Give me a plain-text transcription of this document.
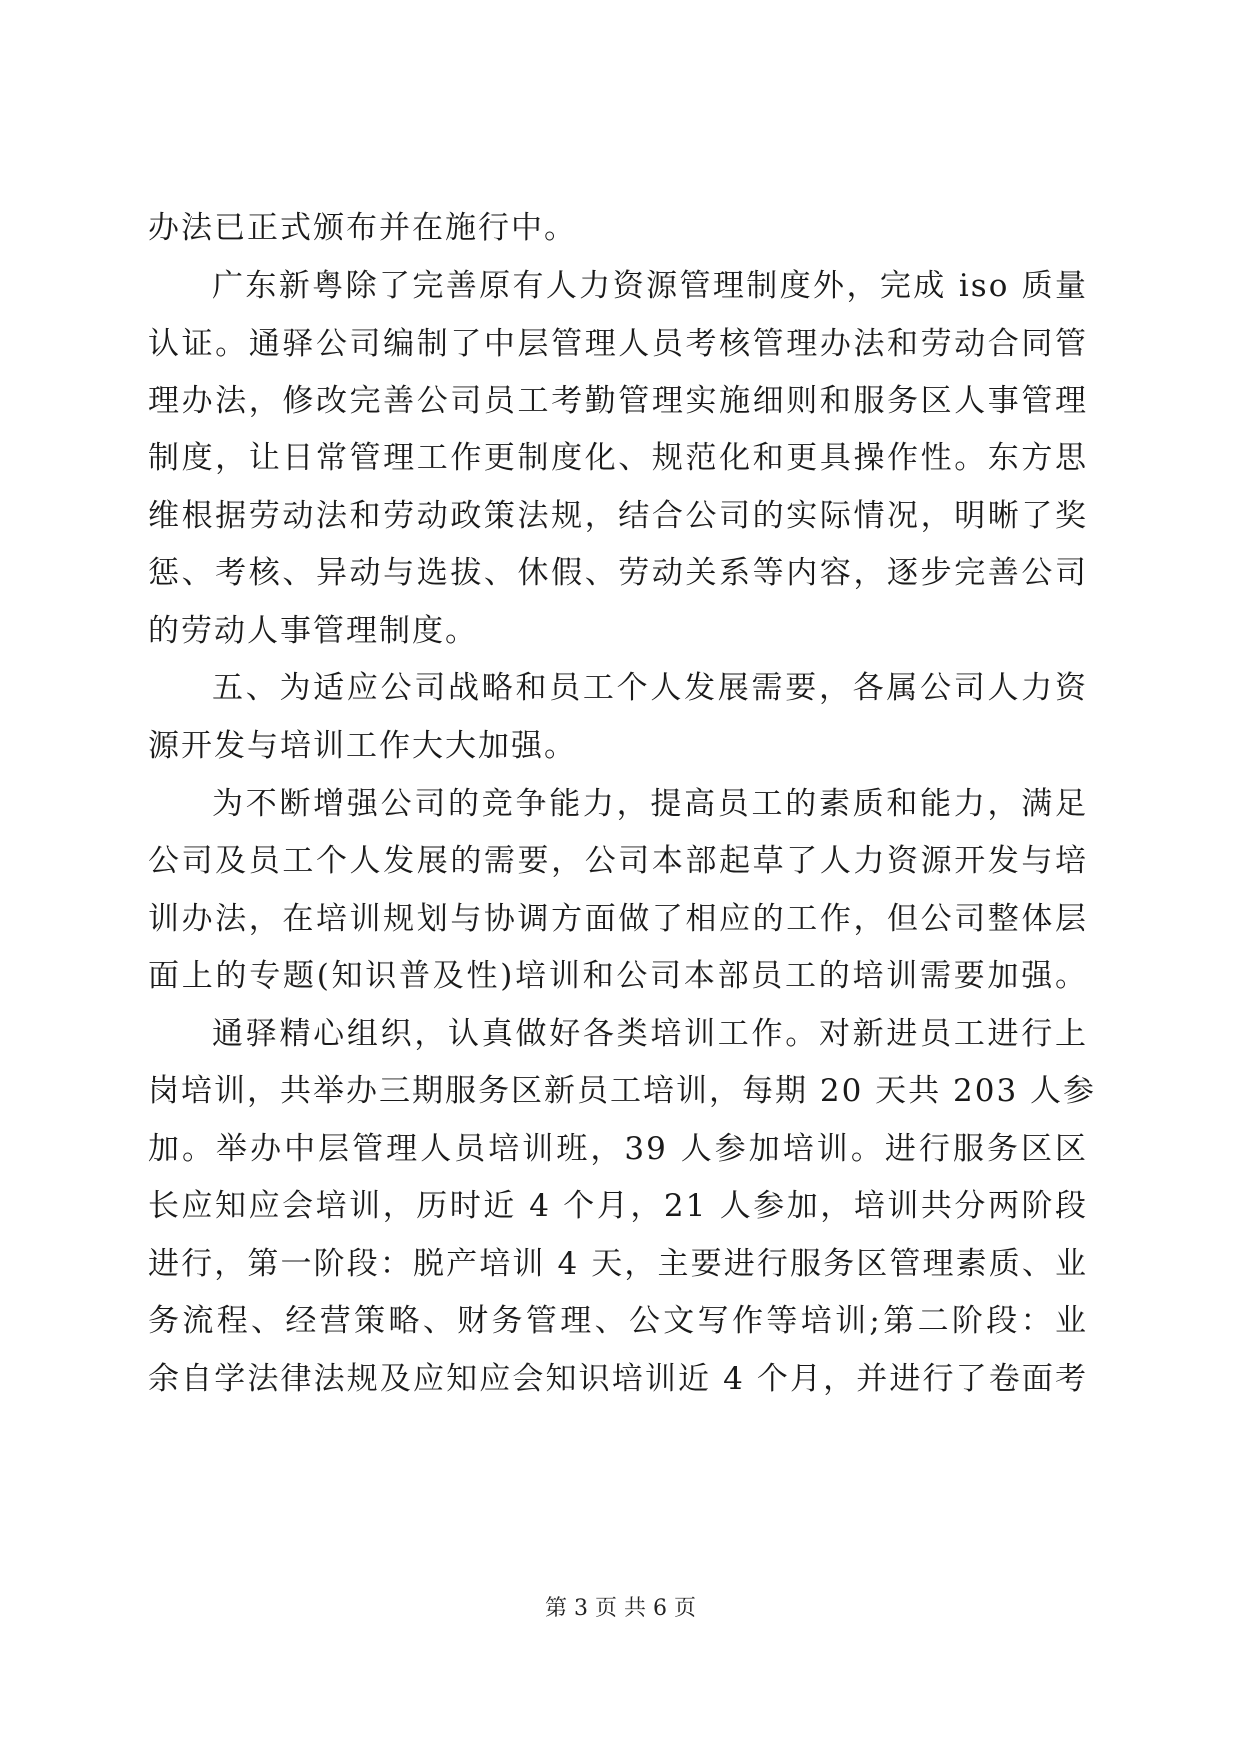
办法已正式颁布并在施行中。
广东新粤除了完善原有人力资源管理制度外，完成 iso 质量
认证。通驿公司编制了中层管理人员考核管理办法和劳动合同管
理办法，修改完善公司员工考勤管理实施细则和服务区人事管理
制度，让日常管理工作更制度化、规范化和更具操作性。东方思
维根据劳动法和劳动政策法规，结合公司的实际情况，明晰了奖
惩、考核、异动与选拔、休假、劳动关系等内容，逐步完善公司
的劳动人事管理制度。
五、为适应公司战略和员工个人发展需要，各属公司人力资
源开发与培训工作大大加强。
为不断增强公司的竞争能力，提高员工的素质和能力，满足
公司及员工个人发展的需要，公司本部起草了人力资源开发与培
训办法，在培训规划与协调方面做了相应的工作，但公司整体层
面上的专题(知识普及性)培训和公司本部员工的培训需要加强。
通驿精心组织，认真做好各类培训工作。对新进员工进行上
岗培训，共举办三期服务区新员工培训，每期 20 天共 203 人参
加。举办中层管理人员培训班，39 人参加培训。进行服务区区
长应知应会培训，历时近 4 个月，21 人参加，培训共分两阶段
进行，第一阶段：脱产培训 4 天，主要进行服务区管理素质、业
务流程、经营策略、财务管理、公文写作等培训;第二阶段：业
余自学法律法规及应知应会知识培训近 4 个月，并进行了卷面考
第 3 页 共 6 页
